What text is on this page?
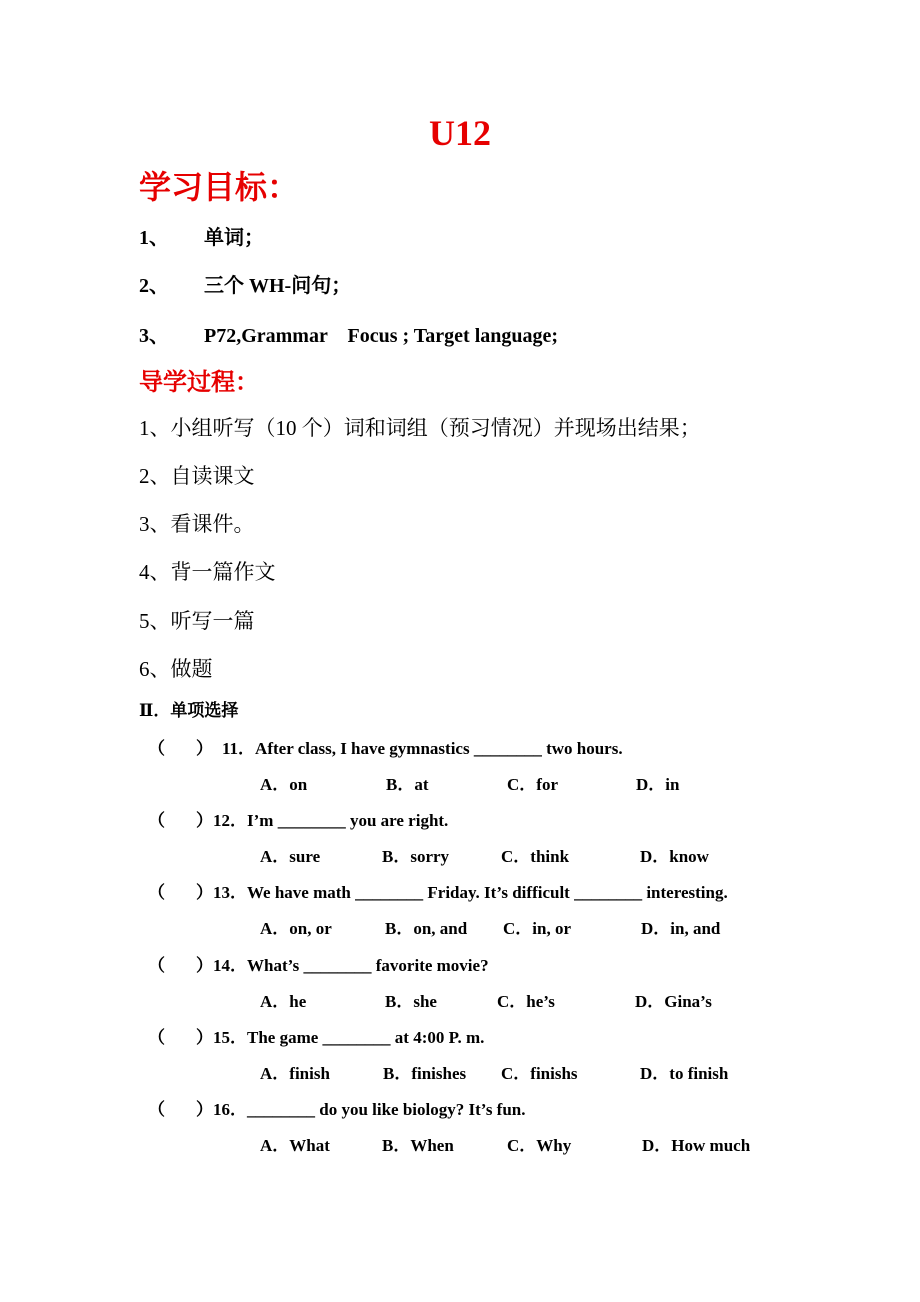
U12
学习目标：
1、 单词；
2、 三个 WH-问句；
3、 P72,Grammar　Focus ; Target language;
导学过程：
1、小组听写（10 个）词和词组（预习情况）并现场出结果；
2、自读课文
3、看课件。
4、背一篇作文
5、听写一篇
6、做题
Ⅱ．单项选择
（ ） 11．After class, I have gymnastics ________ two hours.
A．on	B．at	C．for	D．in
（ ） 12．I’m ________ you are right.
A．sure	B．sorry	C．think	D．know
（ ） 13．We have math ________ Friday. It’s difficult ________ interesting.
A．on, or	B．on, and C．in, or	D．in, and
（ ） 14．What’s ________ favorite movie?
A．he	B．she	C．he’s	D．Gina’s
（ ） 15．The game ________ at 4:00 P. m.
A．finish	B．finishes C．finishs	D．to finish
（ ） 16．________ do you like biology? It’s fun.
A．What	B．When	C．Why	D．How much
